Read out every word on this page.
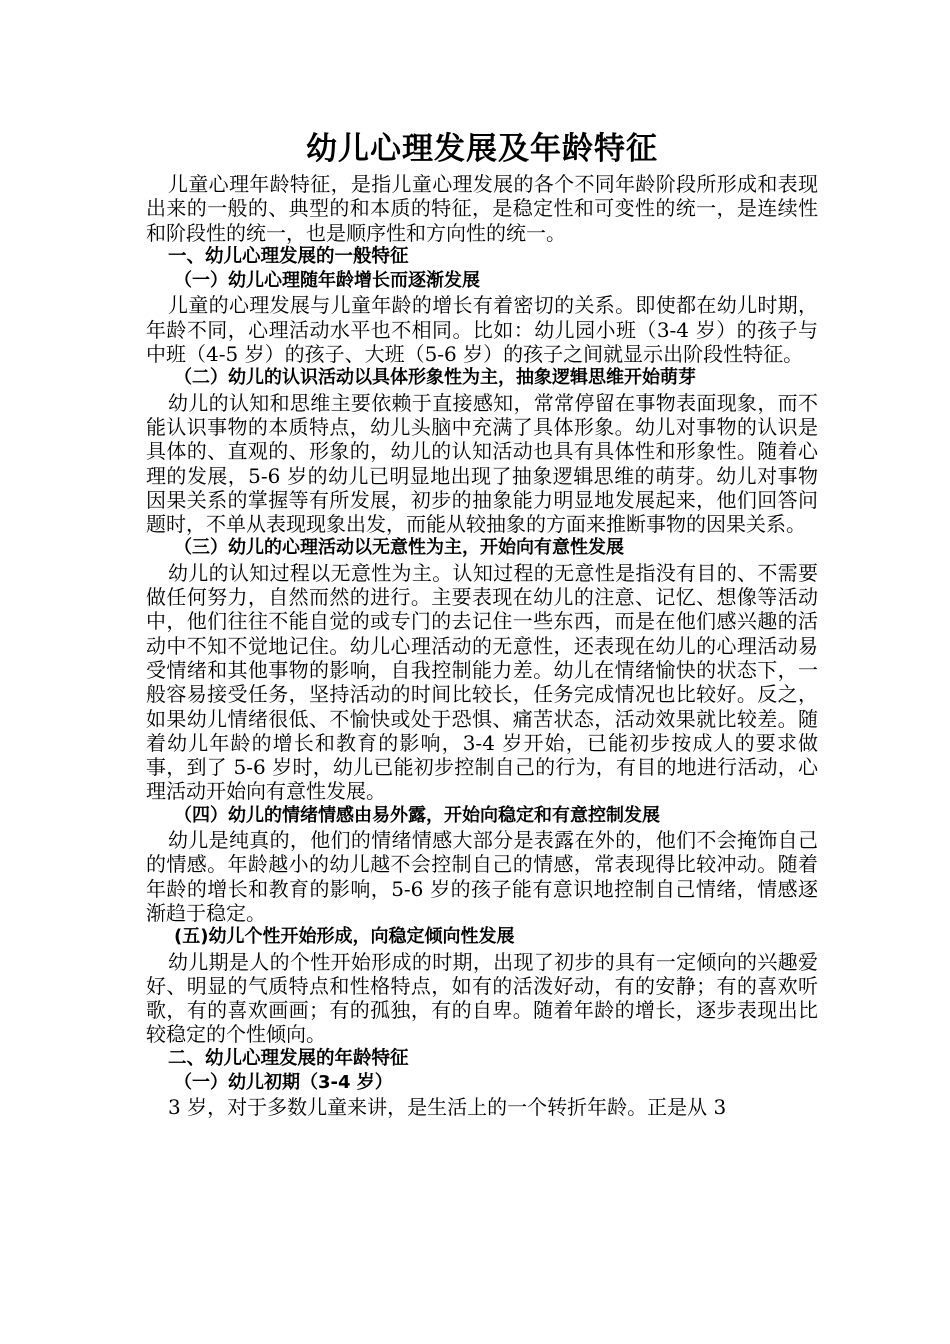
幼儿心理发展及年龄特征

儿童心理年龄特征，是指儿童心理发展的各个不同年龄阶段所形成和表现出来的一般的、典型的和本质的特征，是稳定性和可变性的统一，是连续性和阶段性的统一，也是顺序性和方向性的统一。

一、幼儿心理发展的一般特征
（一）幼儿心理随年龄增长而逐渐发展

儿童的心理发展与儿童年龄的增长有着密切的关系。即使都在幼儿时期，年龄不同，心理活动水平也不相同。比如：幼儿园小班（3-4 岁）的孩子与中班（4-5 岁）的孩子、大班（5-6 岁）的孩子之间就显示出阶段性特征。

（二）幼儿的认识活动以具体形象性为主，抽象逻辑思维开始萌芽

幼儿的认知和思维主要依赖于直接感知，常常停留在事物表面现象，而不能认识事物的本质特点，幼儿头脑中充满了具体形象。幼儿对事物的认识是具体的、直观的、形象的，幼儿的认知活动也具有具体性和形象性。随着心理的发展，5-6 岁的幼儿已明显地出现了抽象逻辑思维的萌芽。幼儿对事物因果关系的掌握等有所发展，初步的抽象能力明显地发展起来，他们回答问题时，不单从表现现象出发，而能从较抽象的方面来推断事物的因果关系。

（三）幼儿的心理活动以无意性为主，开始向有意性发展

幼儿的认知过程以无意性为主。认知过程的无意性是指没有目的、不需要做任何努力，自然而然的进行。主要表现在幼儿的注意、记忆、想像等活动中，他们往往不能自觉的或专门的去记住一些东西，而是在他们感兴趣的活动中不知不觉地记住。幼儿心理活动的无意性，还表现在幼儿的心理活动易受情绪和其他事物的影响，自我控制能力差。幼儿在情绪愉快的状态下，一般容易接受任务，坚持活动的时间比较长，任务完成情况也比较好。反之，如果幼儿情绪很低、不愉快或处于恐惧、痛苦状态，活动效果就比较差。随着幼儿年龄的增长和教育的影响，3-4 岁开始，已能初步按成人的要求做事，到了 5-6 岁时，幼儿已能初步控制自己的行为，有目的地进行活动，心理活动开始向有意性发展。

（四）幼儿的情绪情感由易外露，开始向稳定和有意控制发展

幼儿是纯真的，他们的情绪情感大部分是表露在外的，他们不会掩饰自己的情感。年龄越小的幼儿越不会控制自己的情感，常表现得比较冲动。随着年龄的增长和教育的影响，5-6 岁的孩子能有意识地控制自己情绪，情感逐渐趋于稳定。

(五)幼儿个性开始形成，向稳定倾向性发展

幼儿期是人的个性开始形成的时期，出现了初步的具有一定倾向的兴趣爱好、明显的气质特点和性格特点，如有的活泼好动，有的安静；有的喜欢听歌，有的喜欢画画；有的孤独，有的自卑。随着年龄的增长，逐步表现出比较稳定的个性倾向。

二、幼儿心理发展的年龄特征
（一）幼儿初期（3-4 岁）

3 岁，对于多数儿童来讲，是生活上的一个转折年龄。正是从 3
